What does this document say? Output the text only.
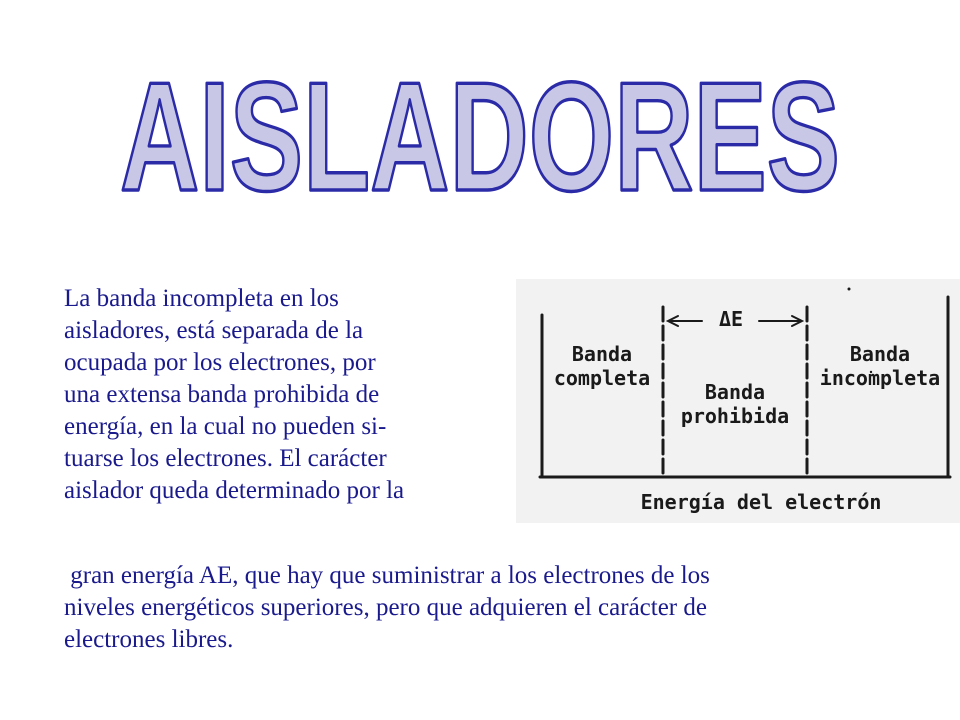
AISLADORES
La banda incompleta en los
aisladores, está separada de la
ocupada por los electrones, por
una extensa banda prohibida de
energía, en la cual no pueden si-
tuarse los electrones. El carácter
aislador queda determinado por la
gran energía AE, que hay que suministrar a los electrones de los
niveles energéticos superiores, pero que adquieren el carácter de
electrones libres.
ΔE
Banda completa
Banda prohibida
Banda incompleta
Energía del electrón
